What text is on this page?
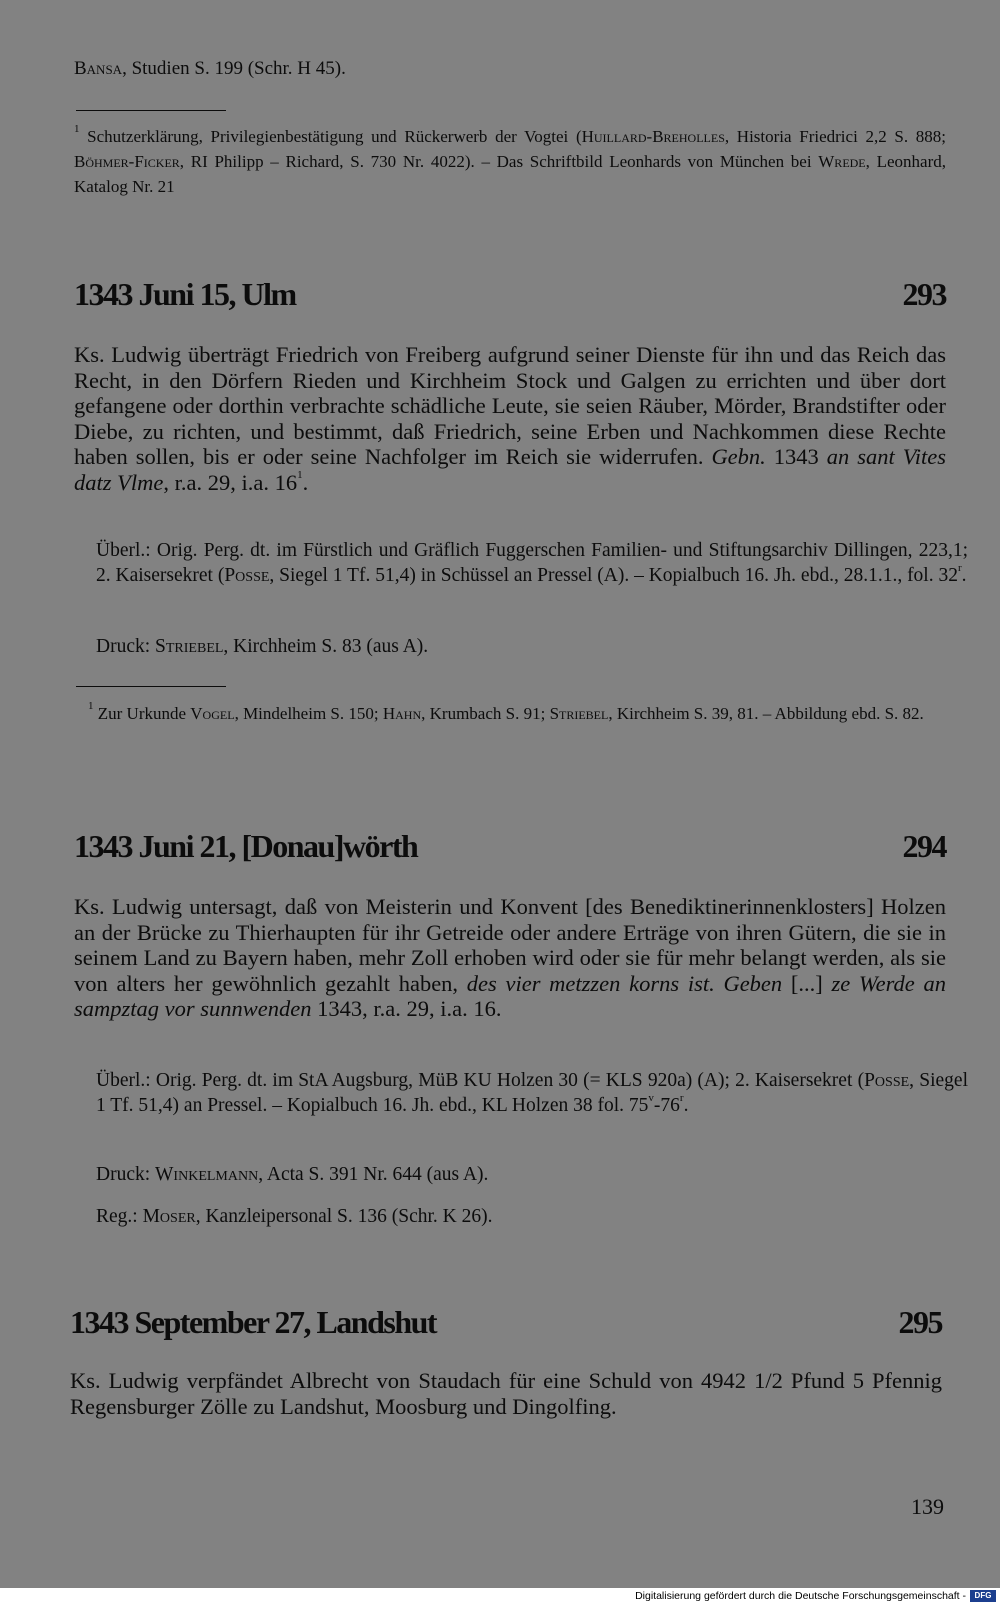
Bansa, Studien S. 199 (Schr. H 45).

$^1$ Schutzerklärung, Privilegienbestätigung und Rückerwerb der Vogtei (Huillard-Breholles, Historia Friedrici 2,2 S. 888; Böhmer-Ficker, RI Philipp – Richard, S. 730 Nr. 4022). – Das Schriftbild Leonhards von München bei Wrede, Leonhard, Katalog Nr. 21

1343 Juni 15, Ulm	293

Ks. Ludwig überträgt Friedrich von Freiberg aufgrund seiner Dienste für ihn und das Reich das Recht, in den Dörfern Rieden und Kirchheim Stock und Galgen zu errichten und über dort gefangene oder dorthin verbrachte schädliche Leute, sie seien Räuber, Mörder, Brandstifter oder Diebe, zu richten, und bestimmt, daß Friedrich, seine Erben und Nachkommen diese Rechte haben sollen, bis er oder seine Nachfolger im Reich sie widerrufen. Gebn. 1343 an sant Vites datz Vlme, r.a. 29, i.a. $16^1$.

Überl.: Orig. Perg. dt. im Fürstlich und Gräflich Fuggerschen Familien- und Stiftungsarchiv Dillingen, 223,1; 2. Kaisersekret (Posse, Siegel 1 Tf. 51,4) in Schüssel an Pressel (A). – Kopialbuch 16. Jh. ebd., 28.1.1., fol. 32$^r$.

Druck: Striebel, Kirchheim S. 83 (aus A).

$^1$ Zur Urkunde Vogel, Mindelheim S. 150; Hahn, Krumbach S. 91; Striebel, Kirchheim S. 39, 81. – Abbildung ebd. S. 82.

1343 Juni 21, [Donau]wörth	294

Ks. Ludwig untersagt, daß von Meisterin und Konvent [des Benediktinerinnenklosters] Holzen an der Brücke zu Thierhaupten für ihr Getreide oder andere Erträge von ihren Gütern, die sie in seinem Land zu Bayern haben, mehr Zoll erhoben wird oder sie für mehr belangt werden, als sie von alters her gewöhnlich gezahlt haben, des vier metzzen korns ist. Geben [...] ze Werde an sampztag vor sunnwenden 1343, r.a. 29, i.a. 16.

Überl.: Orig. Perg. dt. im StA Augsburg, MüB KU Holzen 30 (= KLS 920a) (A); 2. Kaisersekret (Posse, Siegel 1 Tf. 51,4) an Pressel. – Kopialbuch 16. Jh. ebd., KL Holzen 38 fol. 75$^v$-76$^r$.

Druck: Winkelmann, Acta S. 391 Nr. 644 (aus A).

Reg.: Moser, Kanzleipersonal S. 136 (Schr. K 26).

1343 September 27, Landshut	295

Ks. Ludwig verpfändet Albrecht von Staudach für eine Schuld von 4942 1/2 Pfund 5 Pfennig Regensburger Zölle zu Landshut, Moosburg und Dingolfing.

139
Digitalisierung gefördert durch die Deutsche Forschungsgemeinschaft -	DFG
